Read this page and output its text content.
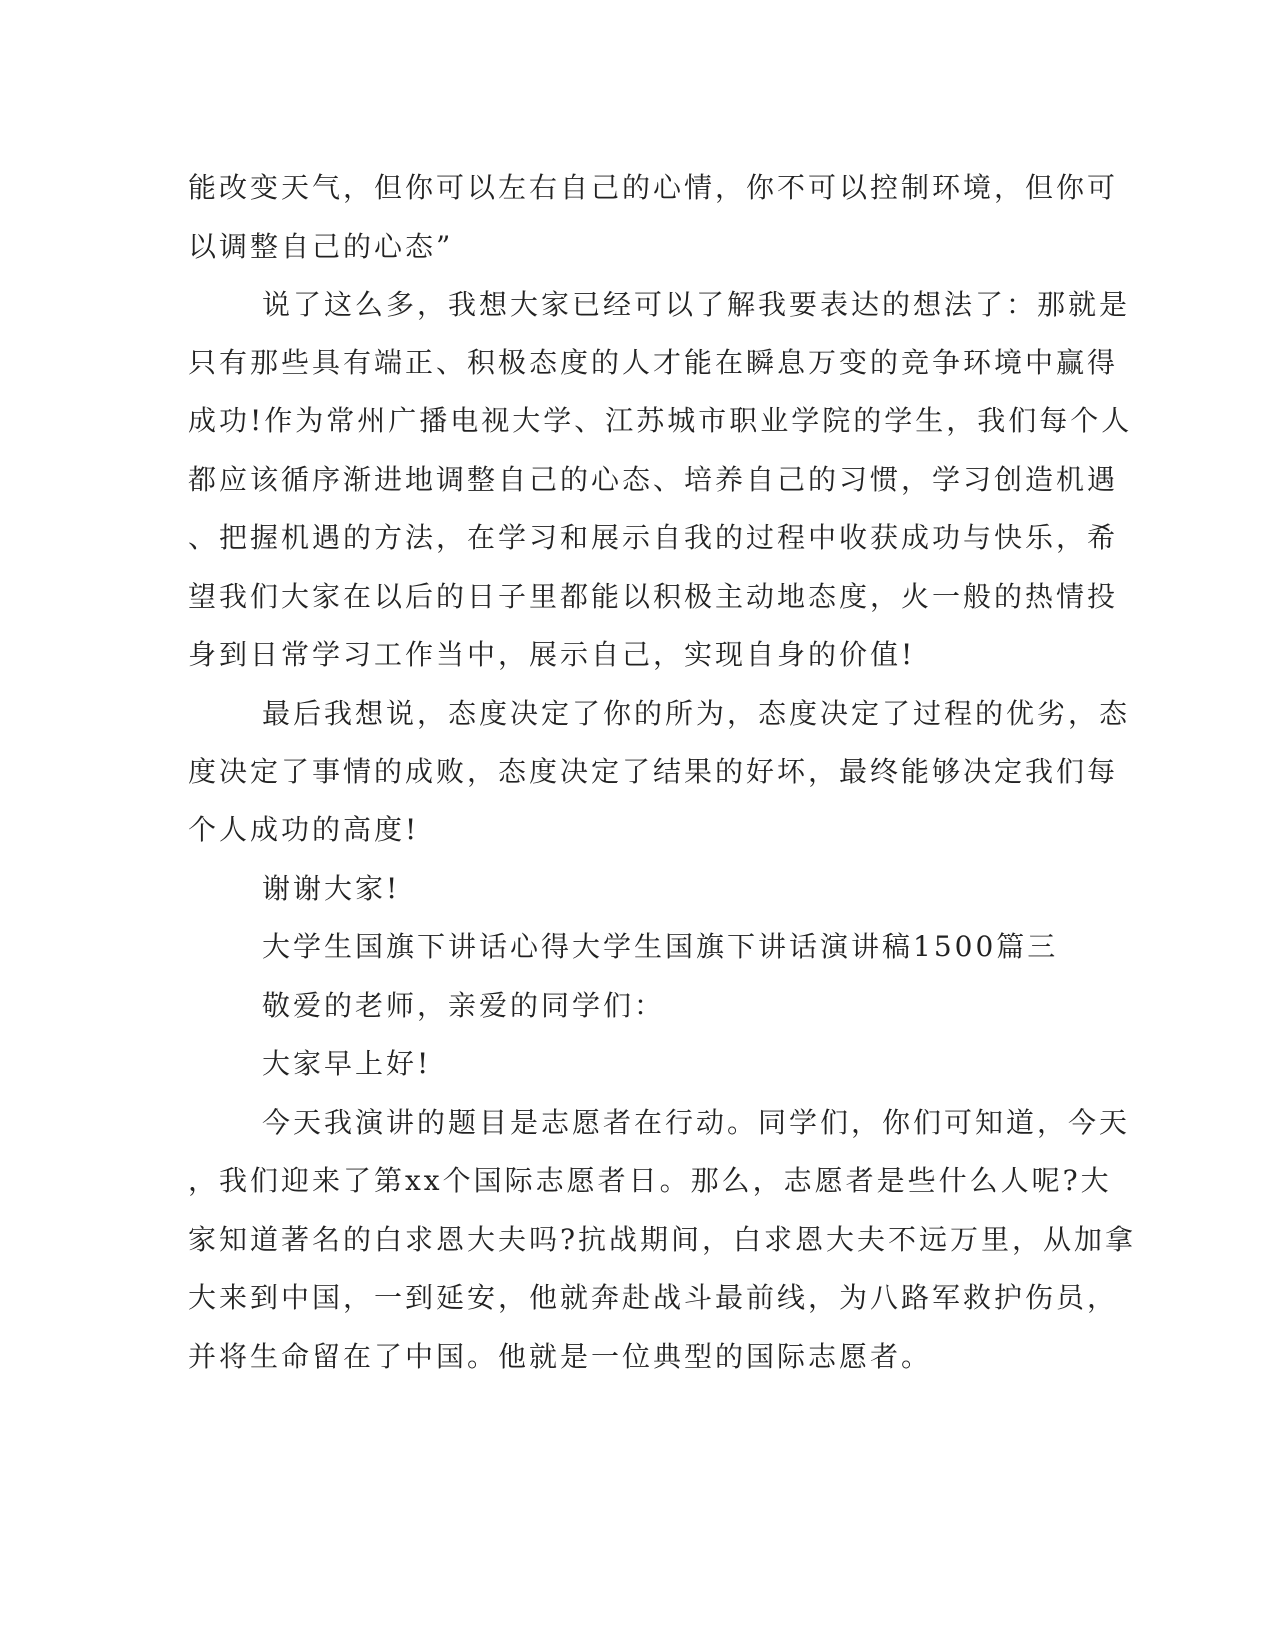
能改变天气，但你可以左右自己的心情，你不可以控制环境，但你可
以调整自己的心态”
说了这么多，我想大家已经可以了解我要表达的想法了：那就是
只有那些具有端正、积极态度的人才能在瞬息万变的竞争环境中赢得
成功!作为常州广播电视大学、江苏城市职业学院的学生，我们每个人
都应该循序渐进地调整自己的心态、培养自己的习惯，学习创造机遇
、把握机遇的方法，在学习和展示自我的过程中收获成功与快乐，希
望我们大家在以后的日子里都能以积极主动地态度，火一般的热情投
身到日常学习工作当中，展示自己，实现自身的价值!
最后我想说，态度决定了你的所为，态度决定了过程的优劣，态
度决定了事情的成败，态度决定了结果的好坏，最终能够决定我们每
个人成功的高度!
谢谢大家!
大学生国旗下讲话心得大学生国旗下讲话演讲稿1500篇三
敬爱的老师，亲爱的同学们：
大家早上好!
今天我演讲的题目是志愿者在行动。同学们，你们可知道，今天
，我们迎来了第xx个国际志愿者日。那么，志愿者是些什么人呢?大
家知道著名的白求恩大夫吗?抗战期间，白求恩大夫不远万里，从加拿
大来到中国，一到延安，他就奔赴战斗最前线，为八路军救护伤员，
并将生命留在了中国。他就是一位典型的国际志愿者。
